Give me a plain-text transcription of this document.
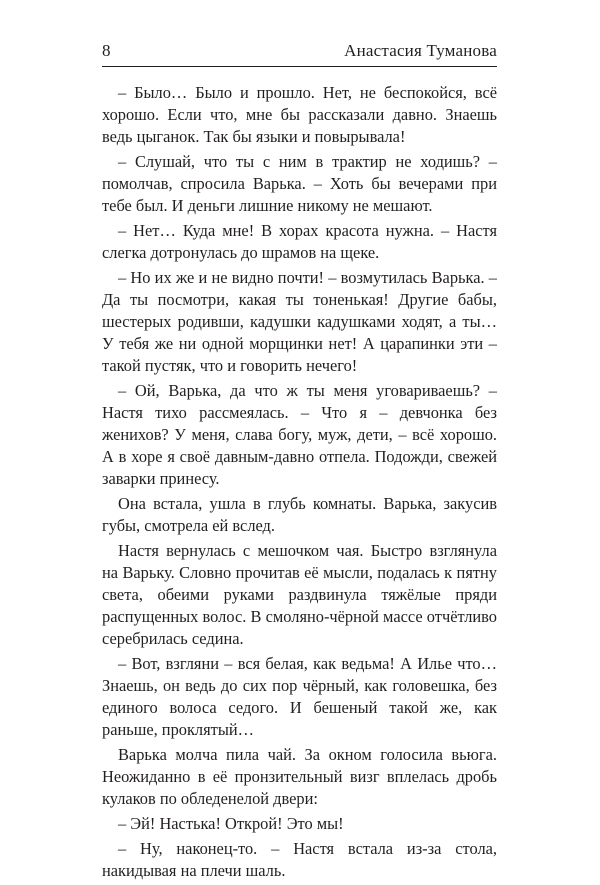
8	Анастасия Туманова

– Было… Было и прошло. Нет, не беспокойся, всё хорошо. Если что, мне бы рассказали давно. Знаешь ведь цыганок. Так бы языки и повырывала!

– Слушай, что ты с ним в трактир не ходишь? – помолчав, спросила Варька. – Хоть бы вечерами при тебе был. И деньги лишние никому не мешают.

– Нет… Куда мне! В хорах красота нужна. – Настя слегка дотронулась до шрамов на щеке.

– Но их же и не видно почти! – возмутилась Варька. – Да ты посмотри, какая ты тоненькая! Другие бабы, шестерых родивши, кадушки кадушками ходят, а ты… У тебя же ни одной морщинки нет! А царапинки эти – такой пустяк, что и говорить нечего!

– Ой, Варька, да что ж ты меня уговариваешь? – Настя тихо рассмеялась. – Что я – девчонка без женихов? У меня, слава богу, муж, дети, – всё хорошо. А в хоре я своё давным-давно отпела. Подожди, свежей заварки принесу.

Она встала, ушла в глубь комнаты. Варька, закусив губы, смотрела ей вслед.

Настя вернулась с мешочком чая. Быстро взглянула на Варьку. Словно прочитав её мысли, подалась к пятну света, обеими руками раздвинула тяжёлые пряди распущенных волос. В смоляно-чёрной массе отчётливо серебрилась седина.

– Вот, взгляни – вся белая, как ведьма! А Илье что… Знаешь, он ведь до сих пор чёрный, как головешка, без единого волоса седого. И бешеный такой же, как раньше, проклятый…

Варька молча пила чай. За окном голосила вьюга. Неожиданно в её пронзительный визг вплелась дробь кулаков по обледенелой двери:

– Эй! Настька! Открой! Это мы!

– Ну, наконец-то. – Настя встала из-за стола, накидывая на плечи шаль.
